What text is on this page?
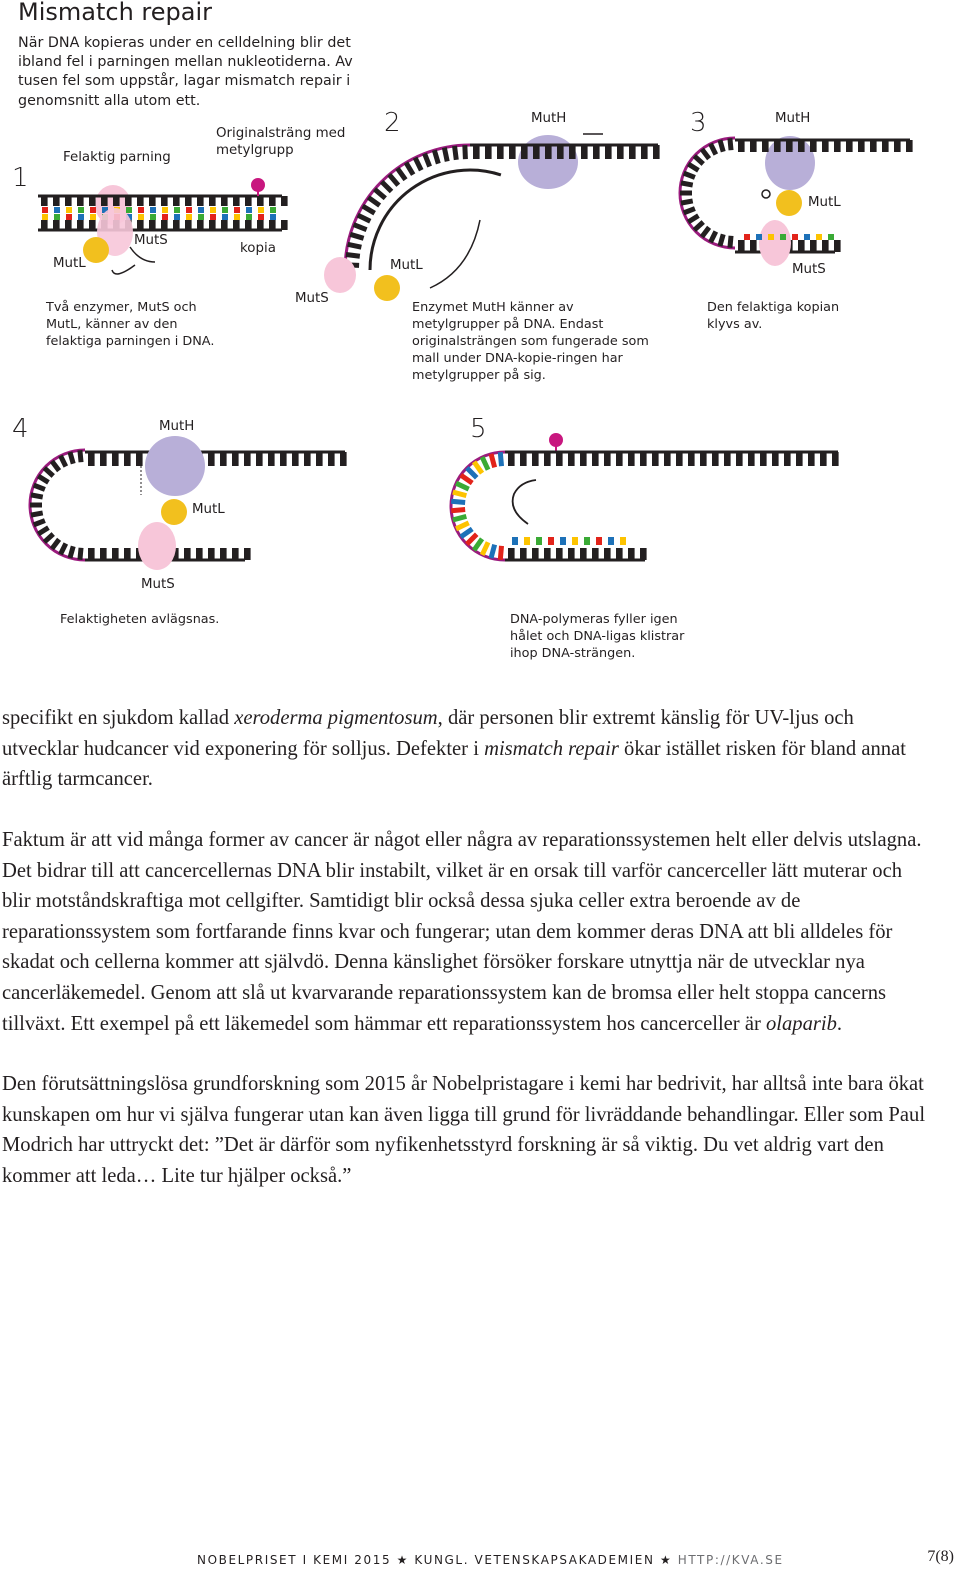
Mismatch repair
När DNA kopieras under en celldelning blir det ibland fel i parningen mellan nukleotiderna. Av tusen fel som uppstår, lagar mismatch repair i genomsnitt alla utom ett.
1
2	3
4	5
Felaktig parning
Originalsträng med metylgrupp
kopia
MutS
MutL
Två enzymer, MutS och MutL, känner av den felaktiga parningen i DNA.
MutH
MutL
MutS
Enzymet MutH känner av metylgrupper på DNA. Endast originalsträngen som fungerade som mall under DNA-kopie-ringen har metylgrupper på sig.
MutH
MutL
MutS
Den felaktiga kopian klyvs av.
MutH
MutL
MutS
Felaktigheten avlägsnas.	DNA-polymeras fyller igen hålet och DNA-ligas klistrar ihop DNA-strängen.

specifikt en sjukdom kallad xeroderma pigmentosum, där personen blir extremt känslig för UV-ljus och utvecklar hudcancer vid exponering för solljus. Defekter i mismatch repair ökar istället risken för bland annat ärftlig tarmcancer.

Faktum är att vid många former av cancer är något eller några av reparationssystemen helt eller delvis utslagna. Det bidrar till att cancercellernas DNA blir instabilt, vilket är en orsak till varför cancerceller lätt muterar och blir motståndskraftiga mot cellgifter. Samtidigt blir också dessa sjuka celler extra beroende av de reparationssystem som fortfarande finns kvar och fungerar; utan dem kommer deras DNA att bli alldeles för skadat och cellerna kommer att självdö. Denna känslighet försöker forskare utnyttja när de utvecklar nya cancerläkemedel. Genom att slå ut kvarvarande reparationssystem kan de bromsa eller helt stoppa cancerns tillväxt. Ett exempel på ett läkemedel som hämmar ett reparationssystem hos cancerceller är olaparib.

Den förutsättningslösa grundforskning som 2015 år Nobelpristagare i kemi har bedrivit, har alltså inte bara ökat kunskapen om hur vi själva fungerar utan kan även ligga till grund för livräddande behandlingar. Eller som Paul Modrich har uttryckt det: ”Det är därför som nyfikenhetsstyrd forskning är så viktig. Du vet aldrig vart den kommer att leda… Lite tur hjälper också.”

NOBELPRISET I KEMI 2015 ★ KUNGL. VETENSKAPSAKADEMIEN ★ HTTP://KVA.SE	7(8)
